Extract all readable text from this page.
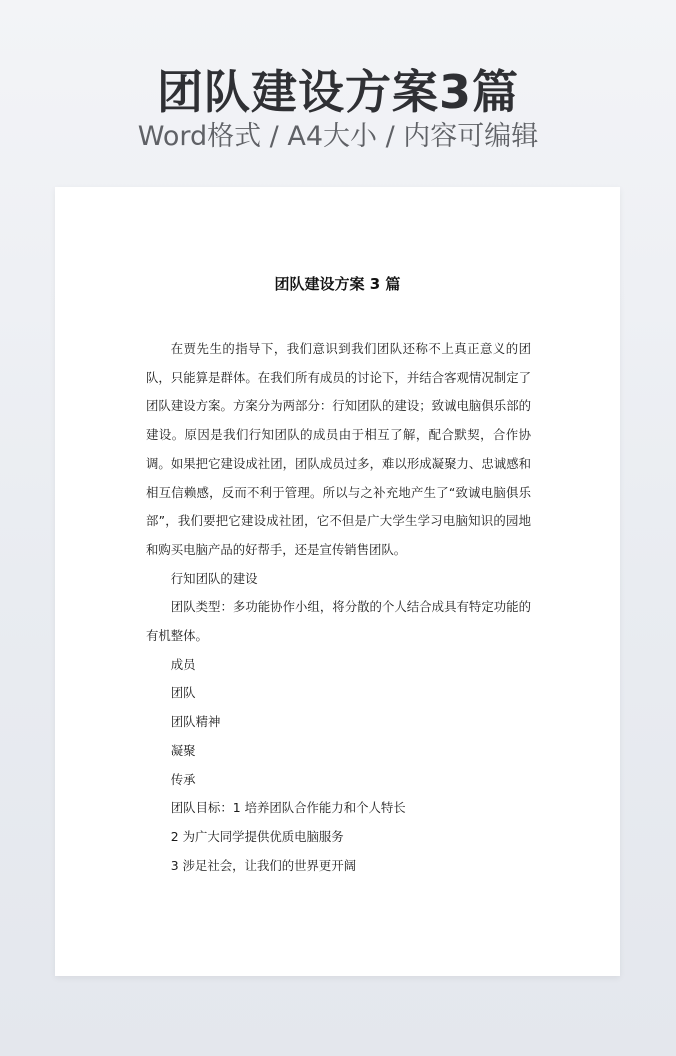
团队建设方案3篇
Word格式 / A4大小 / 内容可编辑
团队建设方案 3 篇

在贾先生的指导下，我们意识到我们团队还称不上真正意义的团队，只能算是群体。在我们所有成员的讨论下，并结合客观情况制定了团队建设方案。方案分为两部分：行知团队的建设；致诚电脑俱乐部的建设。原因是我们行知团队的成员由于相互了解，配合默契，合作协调。如果把它建设成社团，团队成员过多，难以形成凝聚力、忠诚感和相互信赖感，反而不利于管理。所以与之补充地产生了“致诚电脑俱乐部”，我们要把它建设成社团，它不但是广大学生学习电脑知识的园地和购买电脑产品的好帮手，还是宣传销售团队。

行知团队的建设

团队类型：多功能协作小组，将分散的个人结合成具有特定功能的有机整体。

成员

团队

团队精神

凝聚

传承

团队目标：1 培养团队合作能力和个人特长

2 为广大同学提供优质电脑服务

3 涉足社会，让我们的世界更开阔
